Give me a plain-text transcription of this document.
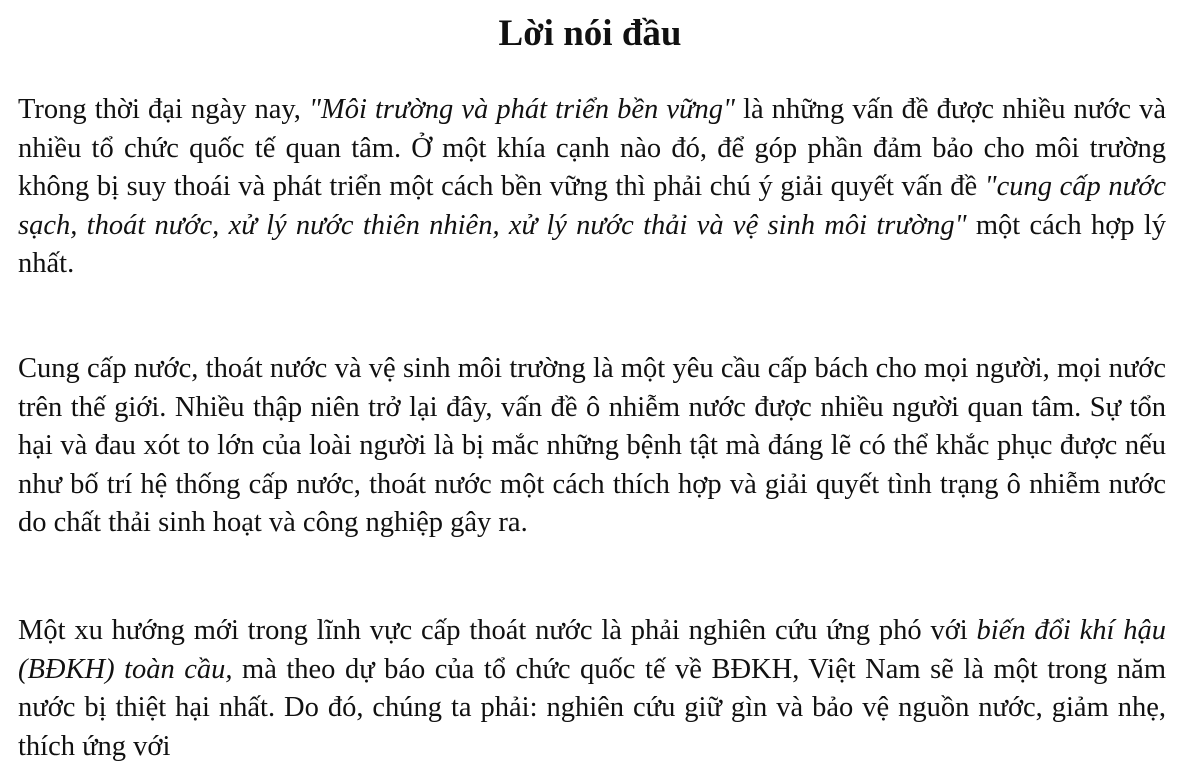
Lời nói đầu

Trong thời đại ngày nay, "Môi trường và phát triển bền vững" là những vấn đề được nhiều nước và nhiều tổ chức quốc tế quan tâm. Ở một khía cạnh nào đó, để góp phần đảm bảo cho môi trường không bị suy thoái và phát triển một cách bền vững thì phải chú ý giải quyết vấn đề "cung cấp nước sạch, thoát nước, xử lý nước thiên nhiên, xử lý nước thải và vệ sinh môi trường" một cách hợp lý nhất.

Cung cấp nước, thoát nước và vệ sinh môi trường là một yêu cầu cấp bách cho mọi người, mọi nước trên thế giới. Nhiều thập niên trở lại đây, vấn đề ô nhiễm nước được nhiều người quan tâm. Sự tổn hại và đau xót to lớn của loài người là bị mắc những bệnh tật mà đáng lẽ có thể khắc phục được nếu như bố trí hệ thống cấp nước, thoát nước một cách thích hợp và giải quyết tình trạng ô nhiễm nước do chất thải sinh hoạt và công nghiệp gây ra.

Một xu hướng mới trong lĩnh vực cấp thoát nước là phải nghiên cứu ứng phó với biến đổi khí hậu (BĐKH) toàn cầu, mà theo dự báo của tổ chức quốc tế về BĐKH, Việt Nam sẽ là một trong năm nước bị thiệt hại nhất. Do đó, chúng ta phải: nghiên cứu giữ gìn và bảo vệ nguồn nước, giảm nhẹ, thích ứng với
